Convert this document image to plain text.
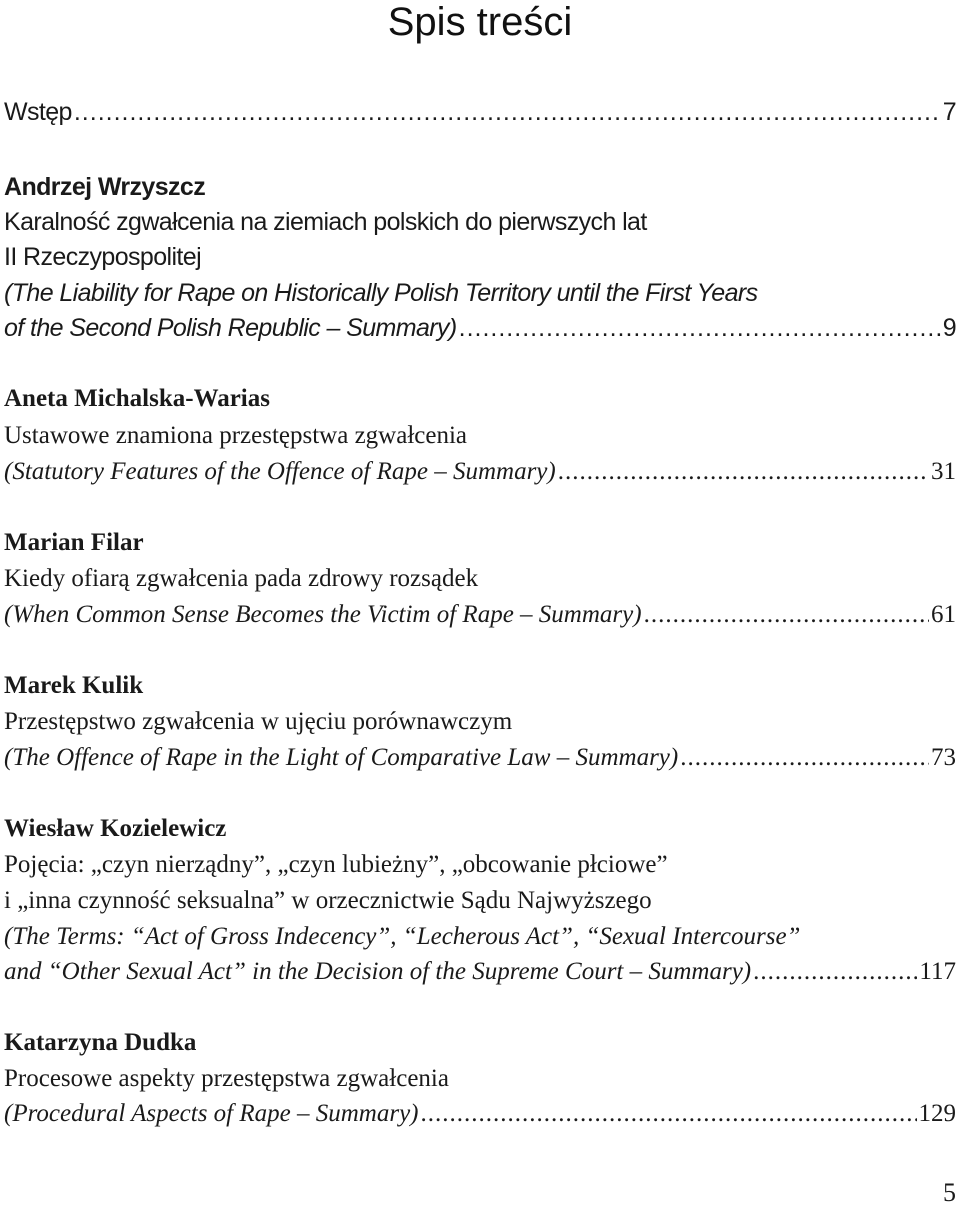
Spis treści
Wstęp .....	7
Andrzej Wrzyszcz
Karalność zgwałcenia na ziemiach polskich do pierwszych lat
II Rzeczypospolitej
(The Liability for Rape on Historically Polish Territory until the First Years
of the Second Polish Republic – Summary) .....	9
Aneta Michalska-Warias
Ustawowe znamiona przestępstwa zgwałcenia
(Statutory Features of the Offence of Rape – Summary) .....	31
Marian Filar
Kiedy ofiarą zgwałcenia pada zdrowy rozsądek
(When Common Sense Becomes the Victim of Rape – Summary) .....	61
Marek Kulik
Przestępstwo zgwałcenia w ujęciu porównawczym
(The Offence of Rape in the Light of Comparative Law – Summary) .....	73
Wiesław Kozielewicz
Pojęcia: „czyn nierządny”, „czyn lubieżny”, „obcowanie płciowe”
i „inna czynność seksualna” w orzecznictwie Sądu Najwyższego
(The Terms: “Act of Gross Indecency”, “Lecherous Act”, “Sexual Intercourse”
and “Other Sexual Act” in the Decision of the Supreme Court – Summary) .....	117
Katarzyna Dudka
Procesowe aspekty przestępstwa zgwałcenia
(Procedural Aspects of Rape – Summary) .....	129
5
